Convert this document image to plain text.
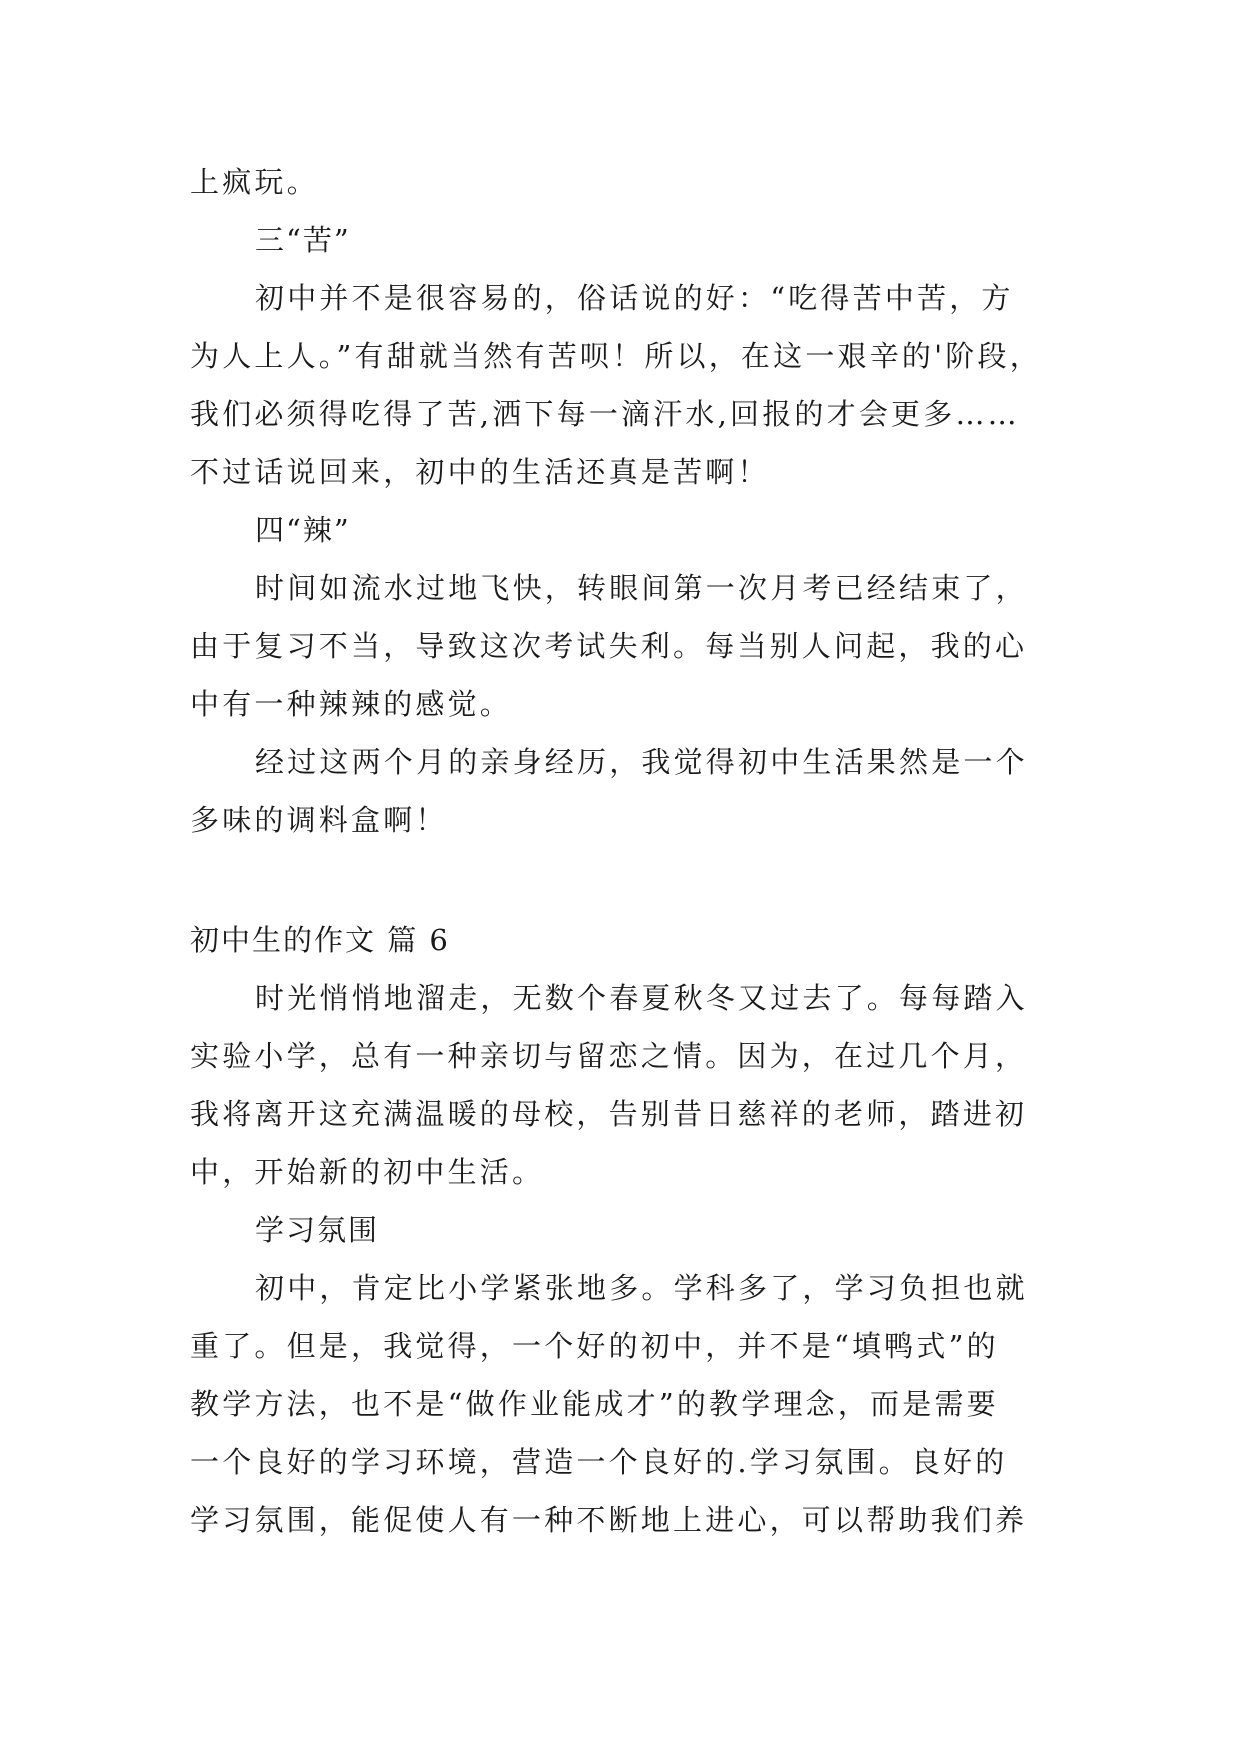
上疯玩。
三“苦”
初中并不是很容易的，俗话说的好：“吃得苦中苦，方
为人上人。”有甜就当然有苦呗！所以，在这一艰辛的'阶段，
我们必须得吃得了苦,洒下每一滴汗水,回报的才会更多……
不过话说回来，初中的生活还真是苦啊！
四“辣”
时间如流水过地飞快，转眼间第一次月考已经结束了，
由于复习不当，导致这次考试失利。每当别人问起，我的心
中有一种辣辣的感觉。
经过这两个月的亲身经历，我觉得初中生活果然是一个
多味的调料盒啊！
初中生的作文 篇 6
时光悄悄地溜走，无数个春夏秋冬又过去了。每每踏入
实验小学，总有一种亲切与留恋之情。因为，在过几个月，
我将离开这充满温暖的母校，告别昔日慈祥的老师，踏进初
中，开始新的初中生活。
学习氛围
初中，肯定比小学紧张地多。学科多了，学习负担也就
重了。但是，我觉得，一个好的初中，并不是“填鸭式”的
教学方法，也不是“做作业能成才”的教学理念，而是需要
一个良好的学习环境，营造一个良好的.学习氛围。良好的
学习氛围，能促使人有一种不断地上进心，可以帮助我们养
